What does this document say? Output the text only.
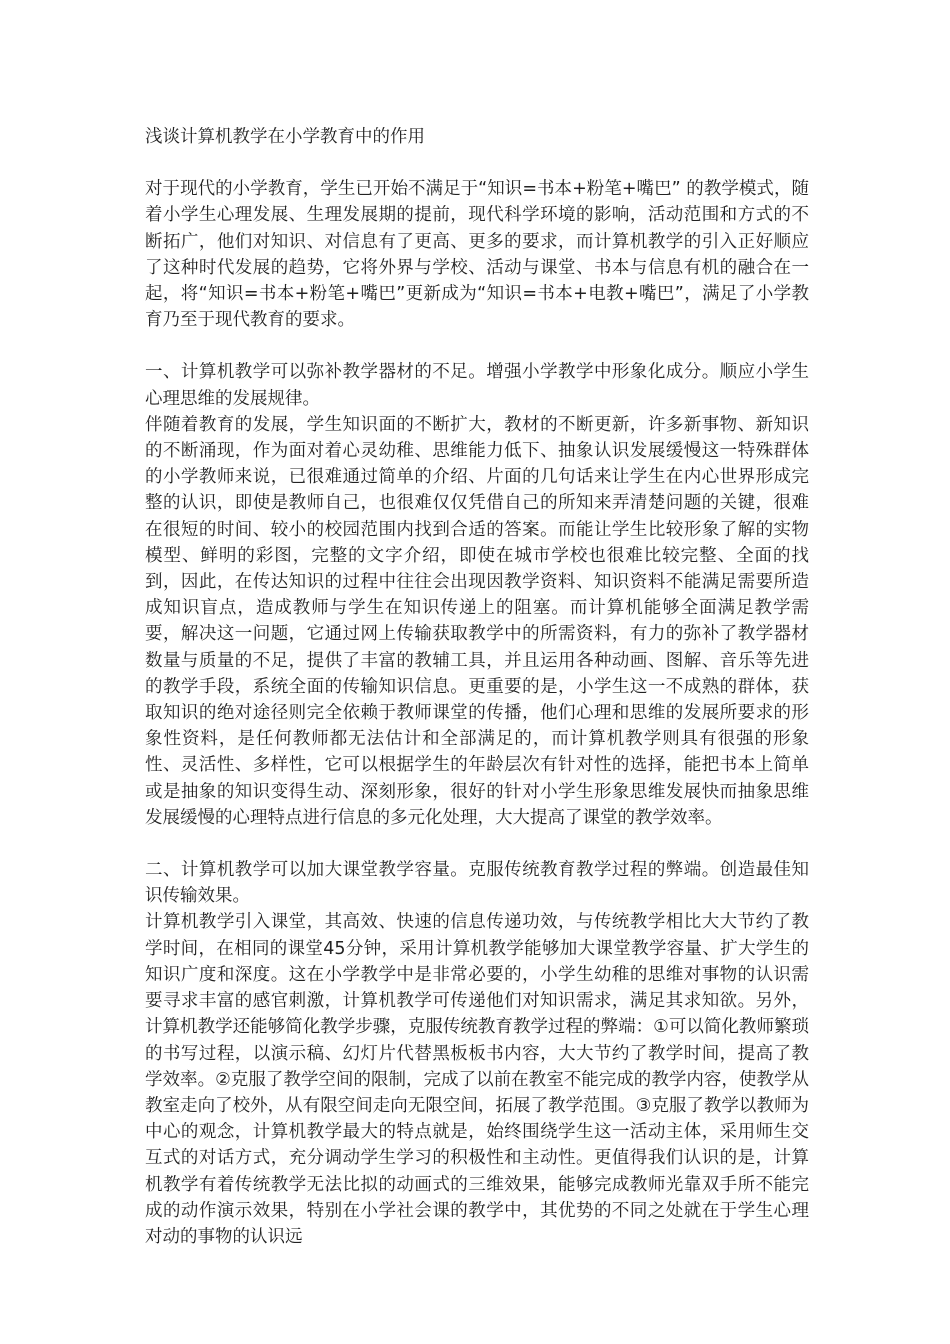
浅谈计算机教学在小学教育中的作用

对于现代的小学教育，学生已开始不满足于“知识=书本+粉笔+嘴巴” 的教学模式，随着小学生心理发展、生理发展期的提前，现代科学环境的影响，活动范围和方式的不断拓广，他们对知识、对信息有了更高、更多的要求，而计算机教学的引入正好顺应了这种时代发展的趋势，它将外界与学校、活动与课堂、书本与信息有机的融合在一起，将“知识=书本+粉笔+嘴巴”更新成为“知识=书本+电教+嘴巴”，满足了小学教育乃至于现代教育的要求。

一、计算机教学可以弥补教学器材的不足。增强小学教学中形象化成分。顺应小学生心理思维的发展规律。

伴随着教育的发展，学生知识面的不断扩大，教材的不断更新，许多新事物、新知识的不断涌现，作为面对着心灵幼稚、思维能力低下、抽象认识发展缓慢这一特殊群体的小学教师来说，已很难通过简单的介绍、片面的几句话来让学生在内心世界形成完整的认识，即使是教师自己，也很难仅仅凭借自己的所知来弄清楚问题的关键，很难在很短的时间、较小的校园范围内找到合适的答案。而能让学生比较形象了解的实物模型、鲜明的彩图，完整的文字介绍，即使在城市学校也很难比较完整、全面的找到，因此，在传达知识的过程中往往会出现因教学资料、知识资料不能满足需要所造成知识盲点，造成教师与学生在知识传递上的阻塞。而计算机能够全面满足教学需要，解决这一问题，它通过网上传输获取教学中的所需资料，有力的弥补了教学器材数量与质量的不足，提供了丰富的教辅工具，并且运用各种动画、图解、音乐等先进的教学手段，系统全面的传输知识信息。更重要的是，小学生这一不成熟的群体，获取知识的绝对途径则完全依赖于教师课堂的传播，他们心理和思维的发展所要求的形象性资料，是任何教师都无法估计和全部满足的，而计算机教学则具有很强的形象性、灵活性、多样性，它可以根据学生的年龄层次有针对性的选择，能把书本上简单或是抽象的知识变得生动、深刻形象，很好的针对小学生形象思维发展快而抽象思维发展缓慢的心理特点进行信息的多元化处理，大大提高了课堂的教学效率。

二、计算机教学可以加大课堂教学容量。克服传统教育教学过程的弊端。创造最佳知识传输效果。

计算机教学引入课堂，其高效、快速的信息传递功效，与传统教学相比大大节约了教学时间，在相同的课堂45分钟，采用计算机教学能够加大课堂教学容量、扩大学生的知识广度和深度。这在小学教学中是非常必要的，小学生幼稚的思维对事物的认识需要寻求丰富的感官刺激，计算机教学可传递他们对知识需求，满足其求知欲。另外，计算机教学还能够简化教学步骤，克服传统教育教学过程的弊端：①可以简化教师繁琐的书写过程，以演示稿、幻灯片代替黑板板书内容，大大节约了教学时间，提高了教学效率。②克服了教学空间的限制，完成了以前在教室不能完成的教学内容，使教学从教室走向了校外，从有限空间走向无限空间，拓展了教学范围。③克服了教学以教师为中心的观念，计算机教学最大的特点就是，始终围绕学生这一活动主体，采用师生交互式的对话方式，充分调动学生学习的积极性和主动性。更值得我们认识的是，计算机教学有着传统教学无法比拟的动画式的三维效果，能够完成教师光靠双手所不能完成的动作演示效果，特别在小学社会课的教学中，其优势的不同之处就在于学生心理对动的事物的认识远
